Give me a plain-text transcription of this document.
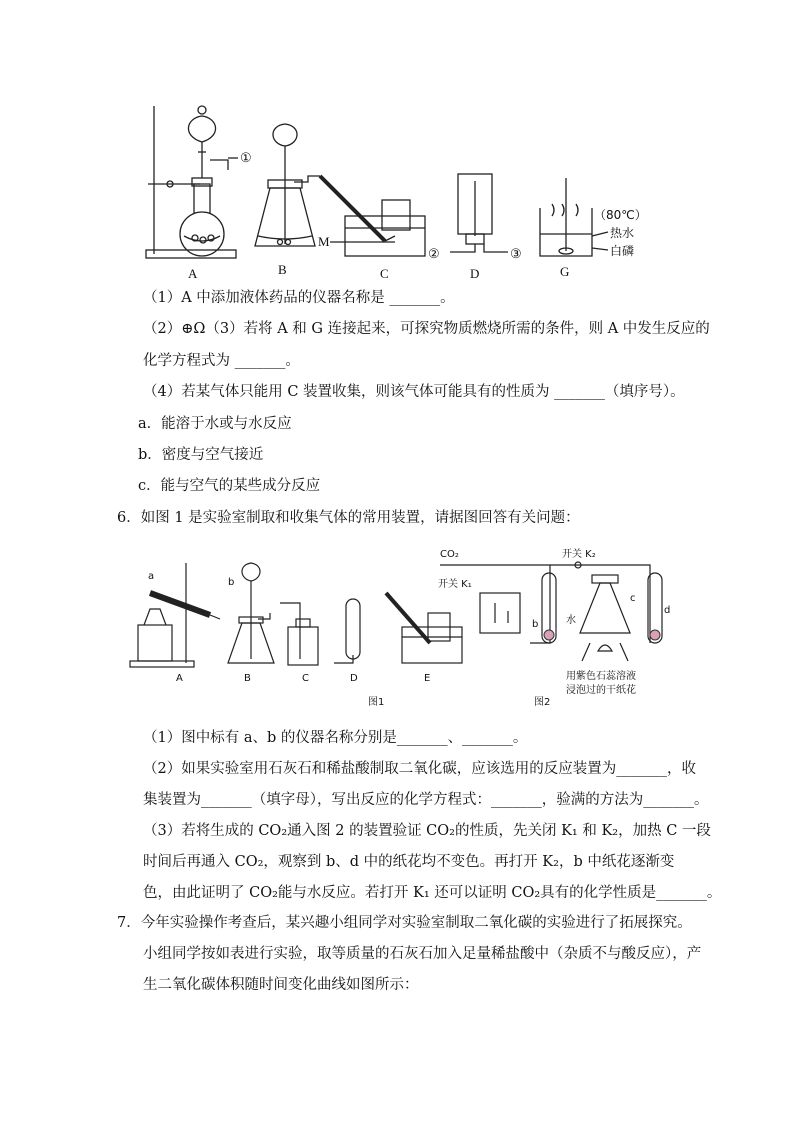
A	B	C	D	G
①
②	③
M
（80℃）
热水
白磷
（1）A 中添加液体药品的仪器名称是 _______。
（2）⊕Ω（3）若将 A 和 G 连接起来，可探究物质燃烧所需的条件，则 A 中发生反应的
化学方程式为 _______。
（4）若某气体只能用 C 装置收集，则该气体可能具有的性质为 _______（填序号）。
a．能溶于水或与水反应
b．密度与空气接近
c．能与空气的某些成分反应
6．如图 1 是实验室制取和收集气体的常用装置，请据图回答有关问题：
a
b
A	B	C	D	E
图1
CO₂
开关 K₁
开关 K₂
b
c
d
水
用紫色石蕊溶液
浸泡过的干纸花
图2
（1）图中标有 a、b 的仪器名称分别是_______、_______。
（2）如果实验室用石灰石和稀盐酸制取二氧化碳，应该选用的反应装置为_______，收
集装置为_______（填字母），写出反应的化学方程式：_______，验满的方法为_______。
（3）若将生成的 CO₂通入图 2 的装置验证 CO₂的性质，先关闭 K₁ 和 K₂，加热 C 一段
时间后再通入 CO₂，观察到 b、d 中的纸花均不变色。再打开 K₂，b 中纸花逐渐变
色，由此证明了 CO₂能与水反应。若打开 K₁ 还可以证明 CO₂具有的化学性质是_______。
7．今年实验操作考查后，某兴趣小组同学对实验室制取二氧化碳的实验进行了拓展探究。
小组同学按如表进行实验，取等质量的石灰石加入足量稀盐酸中（杂质不与酸反应），产
生二氧化碳体积随时间变化曲线如图所示：
